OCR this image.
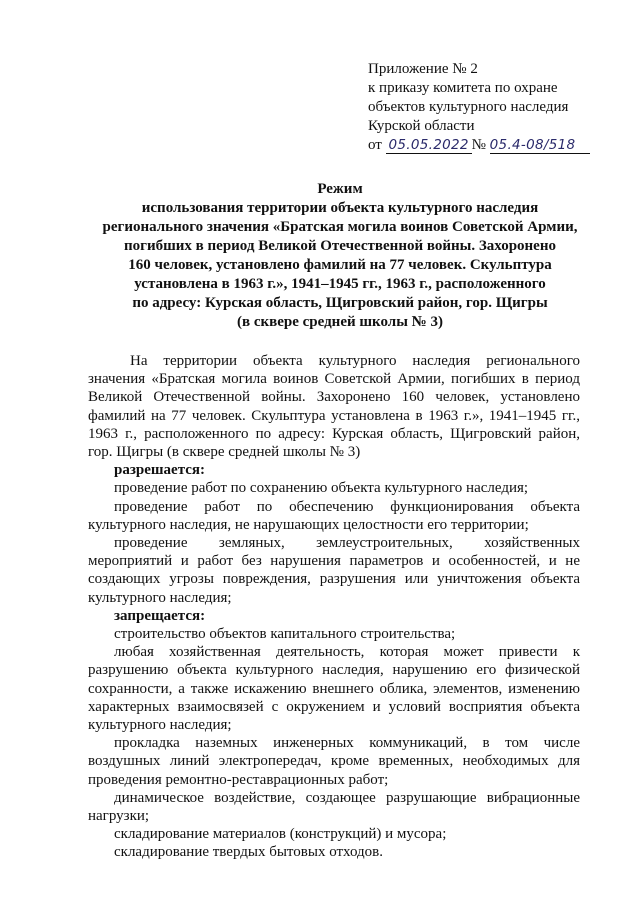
Приложение № 2
к приказу комитета по охране
объектов культурного наследия
Курской области
от 05.05.2022 № 05.4-08/518
Режим
использования территории объекта культурного наследия
регионального значения «Братская могила воинов Советской Армии,
погибших в период Великой Отечественной войны. Захоронено
160 человек, установлено фамилий на 77 человек. Скульптура
установлена в 1963 г.», 1941–1945 гг., 1963 г., расположенного
по адресу: Курская область, Щигровский район, гор. Щигры
(в сквере средней школы № 3)
На территории объекта культурного наследия регионального
значения «Братская могила воинов Советской Армии, погибших в период
Великой Отечественной войны. Захоронено 160 человек, установлено
фамилий на 77 человек. Скульптура установлена в 1963 г.», 1941–1945 гг.,
1963 г., расположенного по адресу: Курская область, Щигровский район,
гор. Щигры (в сквере средней школы № 3)
разрешается:
проведение работ по сохранению объекта культурного наследия;
проведение работ по обеспечению функционирования объекта
культурного наследия, не нарушающих целостности его территории;
проведение земляных, землеустроительных, хозяйственных
мероприятий и работ без нарушения параметров и особенностей, и не
создающих угрозы повреждения, разрушения или уничтожения объекта
культурного наследия;
запрещается:
строительство объектов капитального строительства;
любая хозяйственная деятельность, которая может привести к
разрушению объекта культурного наследия, нарушению его физической
сохранности, а также искажению внешнего облика, элементов, изменению
характерных взаимосвязей с окружением и условий восприятия объекта
культурного наследия;
прокладка наземных инженерных коммуникаций, в том числе
воздушных линий электропередач, кроме временных, необходимых для
проведения ремонтно-реставрационных работ;
динамическое воздействие, создающее разрушающие вибрационные
нагрузки;
складирование материалов (конструкций) и мусора;
складирование твердых бытовых отходов.
